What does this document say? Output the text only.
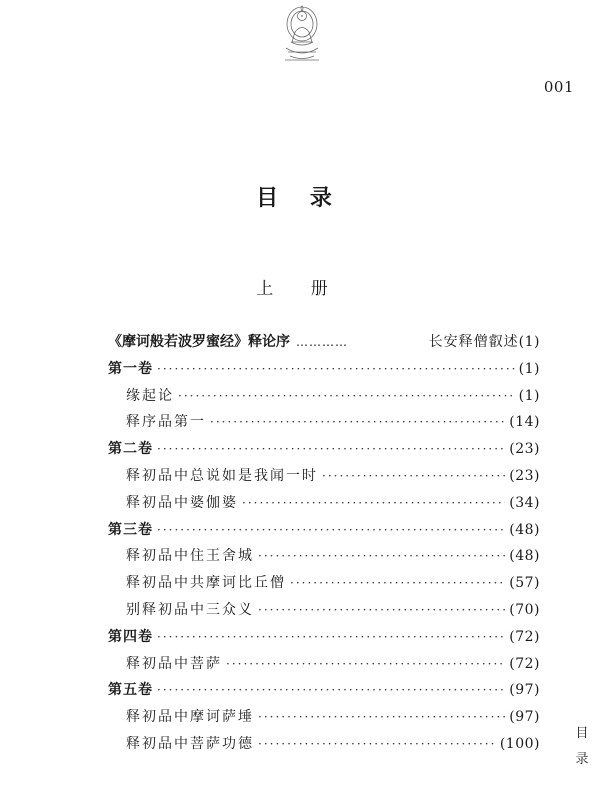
001
目 录
上 册
《摩诃般若波罗蜜经》释论序 …………	长安释僧叡述 (1)
第一卷 ·····	(1)
缘起论 ·····	(1)
释序品第一 ·····	(14)
第二卷 ·····	(23)
释初品中总说如是我闻一时 ·····	(23)
释初品中婆伽婆 ·····	(34)
第三卷 ·····	(48)
释初品中住王舍城 ·····	(48)
释初品中共摩诃比丘僧 ·····	(57)
别释初品中三众义 ·····	(70)
第四卷 ·····	(72)
释初品中菩萨 ·····	(72)
第五卷 ·····	(97)
释初品中摩诃萨埵 ·····	(97)
释初品中菩萨功德 ·····	(100)
目录
